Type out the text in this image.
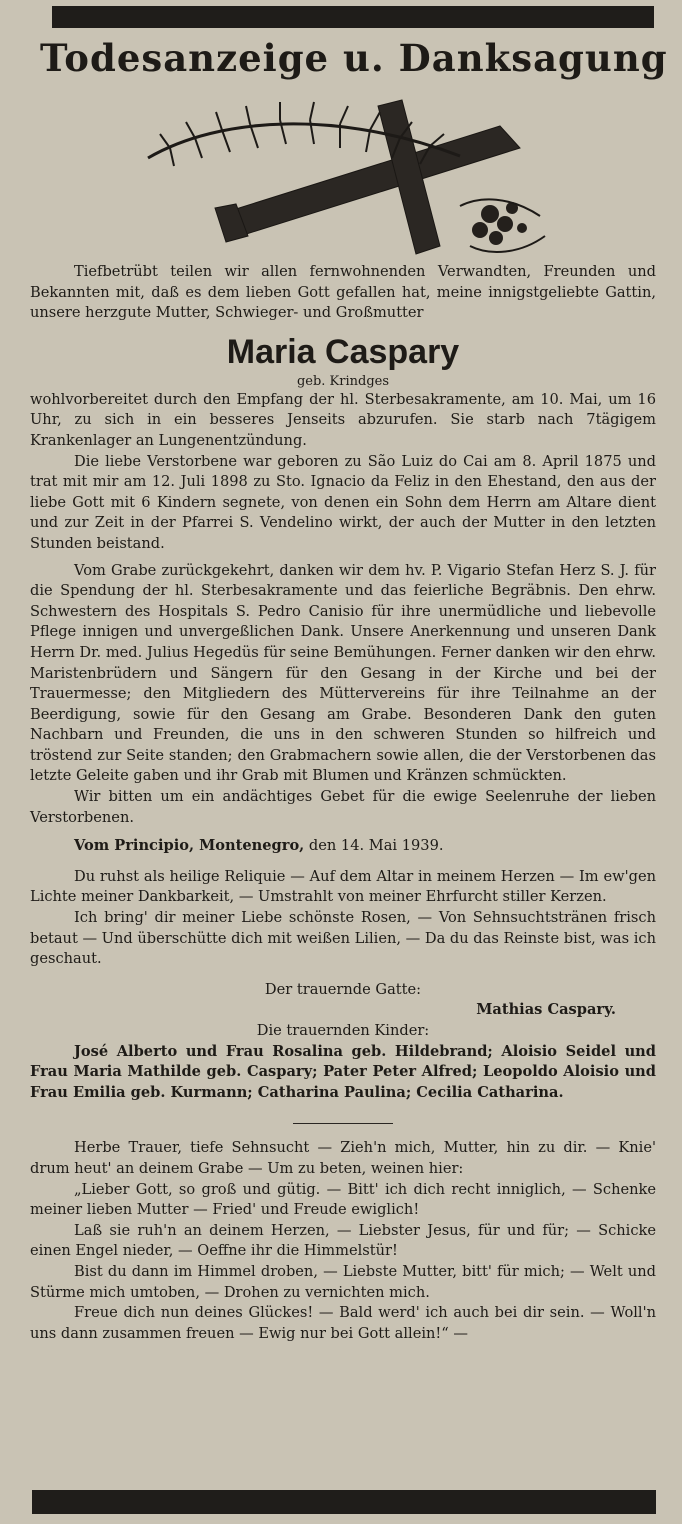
Todesanzeige u. Danksagung

Tiefbetrübt teilen wir allen fernwohnenden Verwandten, Freunden und Bekannten mit, daß es dem lieben Gott gefallen hat, meine innigstgeliebte Gattin, unsere herzgute Mutter, Schwieger- und Großmutter

Maria Caspary

geb. Krindges

wohlvorbereitet durch den Empfang der hl. Sterbesakramente, am 10. Mai, um 16 Uhr, zu sich in ein besseres Jenseits abzurufen. Sie starb nach 7tägigem Krankenlager an Lungenentzündung.

Die liebe Verstorbene war geboren zu São Luiz do Cai am 8. April 1875 und trat mit mir am 12. Juli 1898 zu Sto. Ignacio da Feliz in den Ehestand, den aus der liebe Gott mit 6 Kindern segnete, von denen ein Sohn dem Herrn am Altare dient und zur Zeit in der Pfarrei S. Vendelino wirkt, der auch der Mutter in den letzten Stunden beistand.

Vom Grabe zurückgekehrt, danken wir dem hv. P. Vigario Stefan Herz S. J. für die Spendung der hl. Sterbesakramente und das feierliche Begräbnis. Den ehrw. Schwestern des Hospitals S. Pedro Canisio für ihre unermüdliche und liebevolle Pflege innigen und unvergeßlichen Dank. Unsere Anerkennung und unseren Dank Herrn Dr. med. Julius Hegedüs für seine Bemühungen. Ferner danken wir den ehrw. Maristenbrüdern und Sängern für den Gesang in der Kirche und bei der Trauermesse; den Mitgliedern des Müttervereins für ihre Teilnahme an der Beerdigung, sowie für den Gesang am Grabe. Besonderen Dank den guten Nachbarn und Freunden, die uns in den schweren Stunden so hilfreich und tröstend zur Seite standen; den Grabmachern sowie allen, die der Verstorbenen das letzte Geleite gaben und ihr Grab mit Blumen und Kränzen schmückten.

Wir bitten um ein andächtiges Gebet für die ewige Seelenruhe der lieben Verstorbenen.

Vom Principio, Montenegro, den 14. Mai 1939.

Du ruhst als heilige Reliquie — Auf dem Altar in meinem Herzen — Im ew'gen Lichte meiner Dankbarkeit, — Umstrahlt von meiner Ehrfurcht stiller Kerzen.

Ich bring' dir meiner Liebe schönste Rosen, — Von Sehnsuchtstränen frisch betaut — Und überschütte dich mit weißen Lilien, — Da du das Reinste bist, was ich geschaut.

Der trauernde Gatte:

Mathias Caspary.

Die trauernden Kinder:

José Alberto und Frau Rosalina geb. Hildebrand; Aloisio Seidel und Frau Maria Mathilde geb. Caspary; Pater Peter Alfred; Leopoldo Aloisio und Frau Emilia geb. Kurmann; Catharina Paulina; Cecilia Catharina.

Herbe Trauer, tiefe Sehnsucht — Zieh'n mich, Mutter, hin zu dir. — Knie' drum heut' an deinem Grabe — Um zu beten, weinen hier:

„Lieber Gott, so groß und gütig. — Bitt' ich dich recht inniglich, — Schenke meiner lieben Mutter — Fried' und Freude ewiglich!

Laß sie ruh'n an deinem Herzen, — Liebster Jesus, für und für; — Schicke einen Engel nieder, — Oeffne ihr die Himmelstür!

Bist du dann im Himmel droben, — Liebste Mutter, bitt' für mich; — Welt und Stürme mich umtoben, — Drohen zu vernichten mich.

Freue dich nun deines Glückes! — Bald werd' ich auch bei dir sein. — Woll'n uns dann zusammen freuen — Ewig nur bei Gott allein!“ —
